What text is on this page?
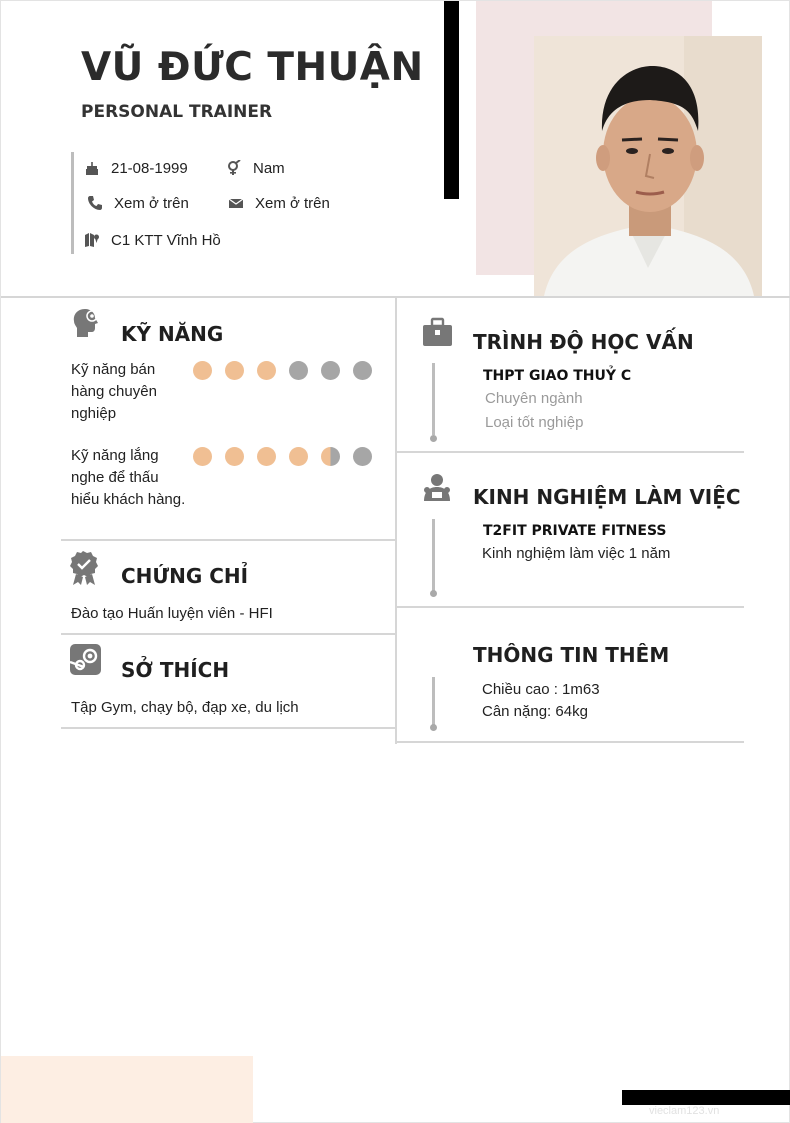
VŨ ĐỨC THUẬN
PERSONAL TRAINER
21-08-1999	Nam
Xem ở trên	Xem ở trên
C1 KTT Vĩnh Hồ
KỸ NĂNG
Kỹ năng bán hàng chuyên nghiệp
Kỹ năng lắng nghe để thấu hiểu khách hàng.
CHỨNG CHỈ
Đào tạo Huấn luyện viên - HFI
SỞ THÍCH
Tập Gym, chạy bộ, đạp xe, du lịch
TRÌNH ĐỘ HỌC VẤN
THPT GIAO THUỶ C
Chuyên ngành
Loại tốt nghiệp
KINH NGHIỆM LÀM VIỆC
T2FIT PRIVATE FITNESS
Kinh nghiệm làm việc 1 năm
THÔNG TIN THÊM
Chiều cao : 1m63
Cân nặng: 64kg
vieclam123.vn
